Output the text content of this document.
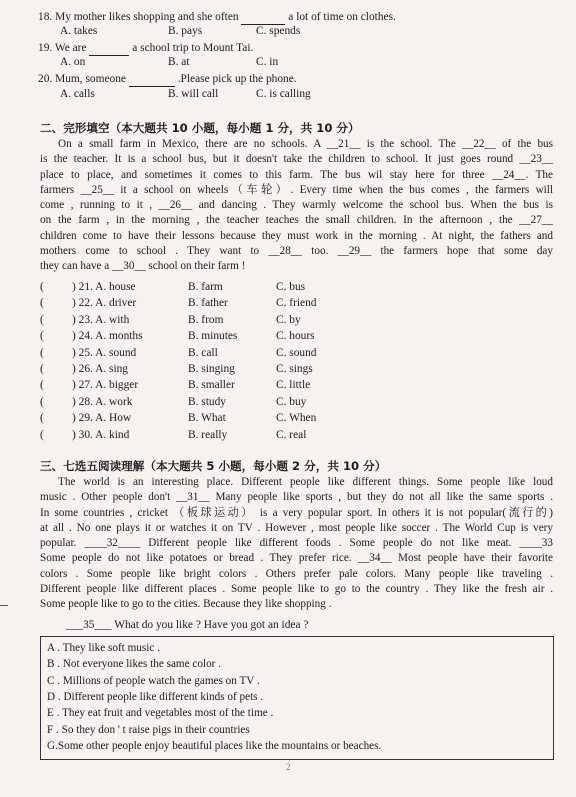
18. My mother likes shopping and she often	a lot of time on clothes.
A. takes	B. pays	C. spends
19. We are	a school trip to Mount Tai.
A. on	B. at	C. in
20. Mum, someone	.Please pick up the phone.
A. calls	B. will call	C. is calling
二、完形填空（本大题共 10 小题，每小题 1 分，共 10 分）
On a small farm in Mexico, there are no schools. A __21__ is the school. The __22__ of the bus
is the teacher. It is a school bus, but it doesn't take the children to school. It just goes round __23__
place to place, and sometimes it comes to this farm. The bus wil stay here for three __24__. The
farmers __25__ it a school on wheels（车轮）. Every time when the bus comes , the farmers will
come , running to it , __26__ and dancing . They warmly welcome the school bus. When the bus is
on the farm , in the morning , the teacher teaches the small children. In the afternoon , the __27__
children come to have their lessons because they must work in the morning . At night, the fathers and
mothers come to school . They want to __28__ too. __29__ the farmers hope that some day
they can have a __30__ school on their farm !
( ) 21. A. house	B. farm	C. bus
( ) 22. A. driver	B. father	C. friend
( ) 23. A. with	B. from	C. by
( ) 24. A. months	B. minutes	C. hours
( ) 25. A. sound	B. call	C. sound
( ) 26. A. sing	B. singing	C. sings
( ) 27. A. bigger	B. smaller	C. little
( ) 28. A. work	B. study	C. buy
( ) 29. A. How	B. What	C. When
( ) 30. A. kind	B. really	C. real
三、七选五阅读理解（本大题共 5 小题，每小题 2 分，共 10 分）
The world is an interesting place. Different people like different things. Some people like loud
music . Other people don't __31__ Many people like sports , but they do not all like the same sports .
In some countries , cricket （板球运动） is a very popular sport. In others it is not popular(流行的)
at all . No one plays it or watches it on TV . However , most people like soccer . The World Cup is very
popular. ____32____ Different people like different foods . Some people do not like meat. ____33
Some people do not like potatoes or bread . They prefer rice. __34__ Most people have their favorite
colors . Some people like bright colors . Others prefer pale colors. Many people like traveling .
Different people like different places . Some people like to go to the country . They like the fresh air .
Some people like to go to the cities. Because they like shopping .
___35___ What do you like ? Have you got an idea ?
A . They like soft music .
B . Not everyone likes the same color .
C . Millions of people watch the games on TV .
D . Different people like different kinds of pets .
E . They eat fruit and vegetables most of the time .
F . So they don ' t raise pigs in their countries
G.Some other people enjoy beautiful places like the mountains or beaches.
2
